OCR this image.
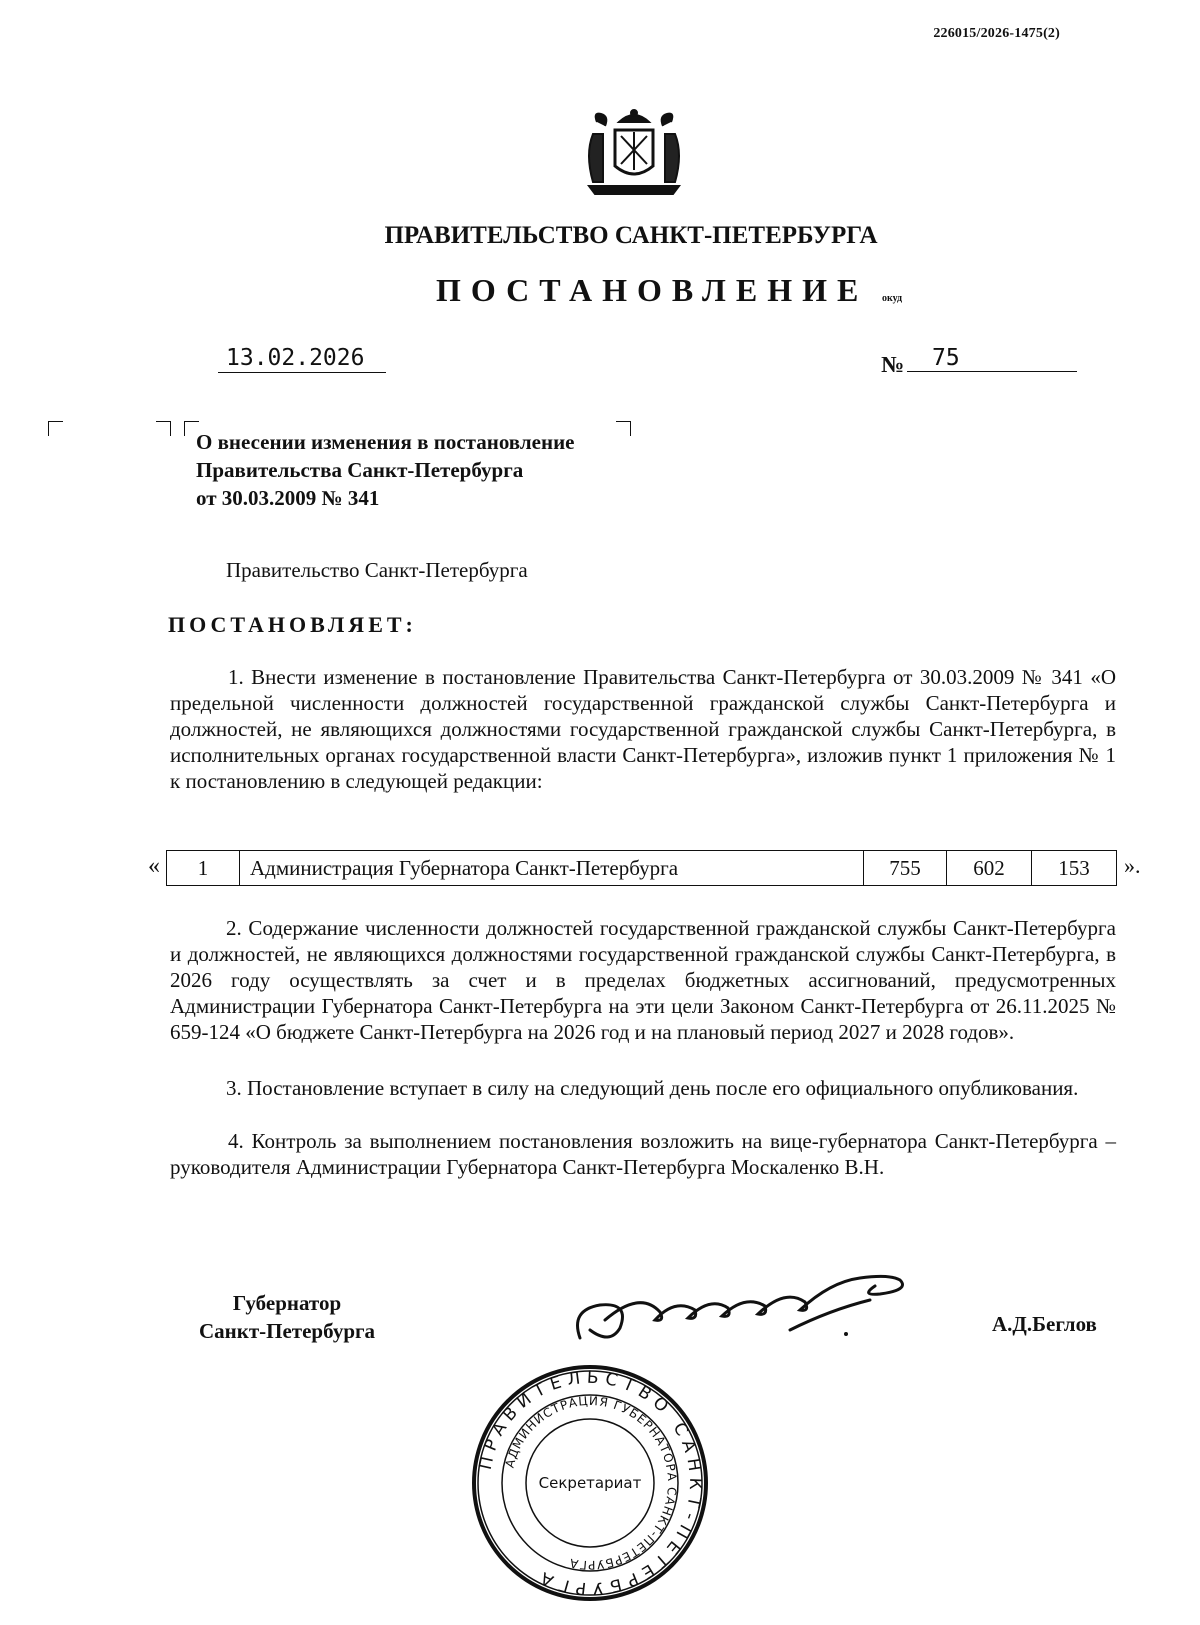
226015/2026-1475(2)
ПРАВИТЕЛЬСТВО САНКТ-ПЕТЕРБУРГА
ПОСТАНОВЛЕНИЕ окуд
13.02.2026	№	75
О внесении изменения в постановление
Правительства Санкт-Петербурга
от 30.03.2009 № 341
Правительство Санкт-Петербурга
ПОСТАНОВЛЯЕТ:
1. Внести изменение в постановление Правительства Санкт-Петербурга от 30.03.2009 № 341 «О предельной численности должностей государственной гражданской службы Санкт-Петербурга и должностей, не являющихся должностями государственной гражданской службы Санкт-Петербурга, в исполнительных органах государственной власти Санкт-Петербурга», изложив пункт 1 приложения № 1 к постановлению в следующей редакции:
« 1	Администрация Губернатора Санкт-Петербурга	755	602	153 ».
2. Содержание численности должностей государственной гражданской службы Санкт-Петербурга и должностей, не являющихся должностями государственной гражданской службы Санкт-Петербурга, в 2026 году осуществлять за счет и в пределах бюджетных ассигнований, предусмотренных Администрации Губернатора Санкт-Петербурга на эти цели Законом Санкт-Петербурга от 26.11.2025 № 659-124 «О бюджете Санкт-Петербурга на 2026 год и на плановый период 2027 и 2028 годов».
3. Постановление вступает в силу на следующий день после его официального опубликования.
4. Контроль за выполнением постановления возложить на вице-губернатора Санкт-Петербурга – руководителя Администрации Губернатора Санкт-Петербурга Москаленко В.Н.
Губернатор
Санкт-Петербурга	А.Д.Беглов
ПРАВИТЕЛЬСТВО САНКТ-ПЕТЕРБУРГА
АДМИНИСТРАЦИЯ ГУБЕРНАТОРА САНКТ-ПЕТЕРБУРГА
Секретариат
